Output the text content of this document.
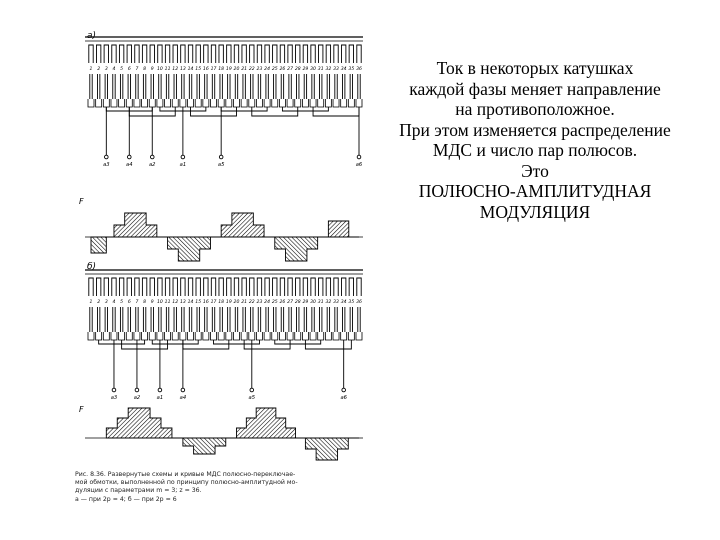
1 2 3 4 5 6 7 8 9 10 11 12 13 14 15 16 17 18 19 20 21 22 23 24 25 26 27 28 29 30 31 32 33 34 35 36
a3	a4	a2	a1	a5	a6
1 2 3 4 5 6 7 8 9 10 11 12 13 14 15 16 17 18 19 20 21 22 23 24 25 26 27 28 29 30 31 32 33 34 35 36
a3	a2	a1	a4	a5	a6
а)
F
б)
F
Рис. 8.36. Развернутые схемы и кривые МДС полюсно-переключае-
мой обмотки, выполненной по принципу полюсно-амплитудной мо-
дуляции с параметрами m = 3; z = 36.
а — при 2p = 4; б — при 2p = 6
Ток в некоторых катушках
каждой фазы меняет направление
на противоположное.
При этом изменяется распределение
МДС и число пар полюсов.
Это
ПОЛЮСНО-АМПЛИТУДНАЯ
МОДУЛЯЦИЯ
